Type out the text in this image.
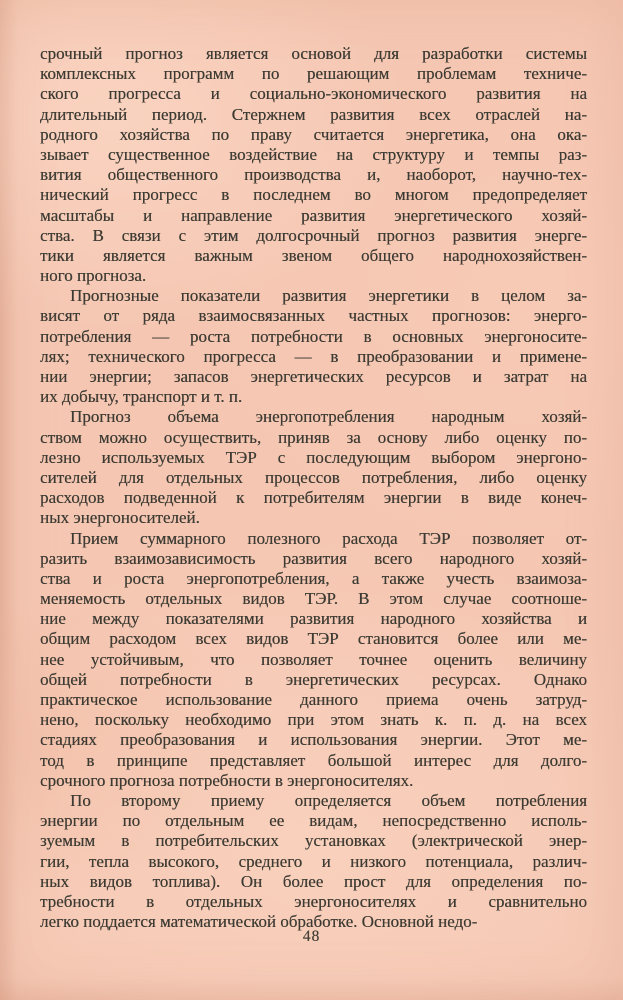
срочный прогноз является основой для разработки системы
комплексных программ по решающим проблемам техниче-
ского прогресса и социально-экономического развития на
длительный период. Стержнем развития всех отраслей на-
родного хозяйства по праву считается энергетика, она ока-
зывает существенное воздействие на структуру и темпы раз-
вития общественного производства и, наоборот, научно-тех-
нический прогресс в последнем во многом предопределяет
масштабы и направление развития энергетического хозяй-
ства. В связи с этим долгосрочный прогноз развития энерге-
тики является важным звеном общего народнохозяйствен-
ного прогноза.
Прогнозные показатели развития энергетики в целом за-
висят от ряда взаимосвязанных частных прогнозов: энерго-
потребления — роста потребности в основных энергоносите-
лях; технического прогресса — в преобразовании и примене-
нии энергии; запасов энергетических ресурсов и затрат на
их добычу, транспорт и т. п.
Прогноз объема энергопотребления народным хозяй-
ством можно осуществить, приняв за основу либо оценку по-
лезно используемых ТЭР с последующим выбором энергоно-
сителей для отдельных процессов потребления, либо оценку
расходов подведенной к потребителям энергии в виде конеч-
ных энергоносителей.
Прием суммарного полезного расхода ТЭР позволяет от-
разить взаимозависимость развития всего народного хозяй-
ства и роста энергопотребления, а также учесть взаимоза-
меняемость отдельных видов ТЭР. В этом случае соотноше-
ние между показателями развития народного хозяйства и
общим расходом всех видов ТЭР становится более или ме-
нее устойчивым, что позволяет точнее оценить величину
общей потребности в энергетических ресурсах. Однако
практическое использование данного приема очень затруд-
нено, поскольку необходимо при этом знать к. п. д. на всех
стадиях преобразования и использования энергии. Этот ме-
тод в принципе представляет большой интерес для долго-
срочного прогноза потребности в энергоносителях.
По второму приему определяется объем потребления
энергии по отдельным ее видам, непосредственно исполь-
зуемым в потребительских установках (электрической энер-
гии, тепла высокого, среднего и низкого потенциала, различ-
ных видов топлива). Он более прост для определения по-
требности в отдельных энергоносителях и сравнительно
легко поддается математической обработке. Основной недо-
48
